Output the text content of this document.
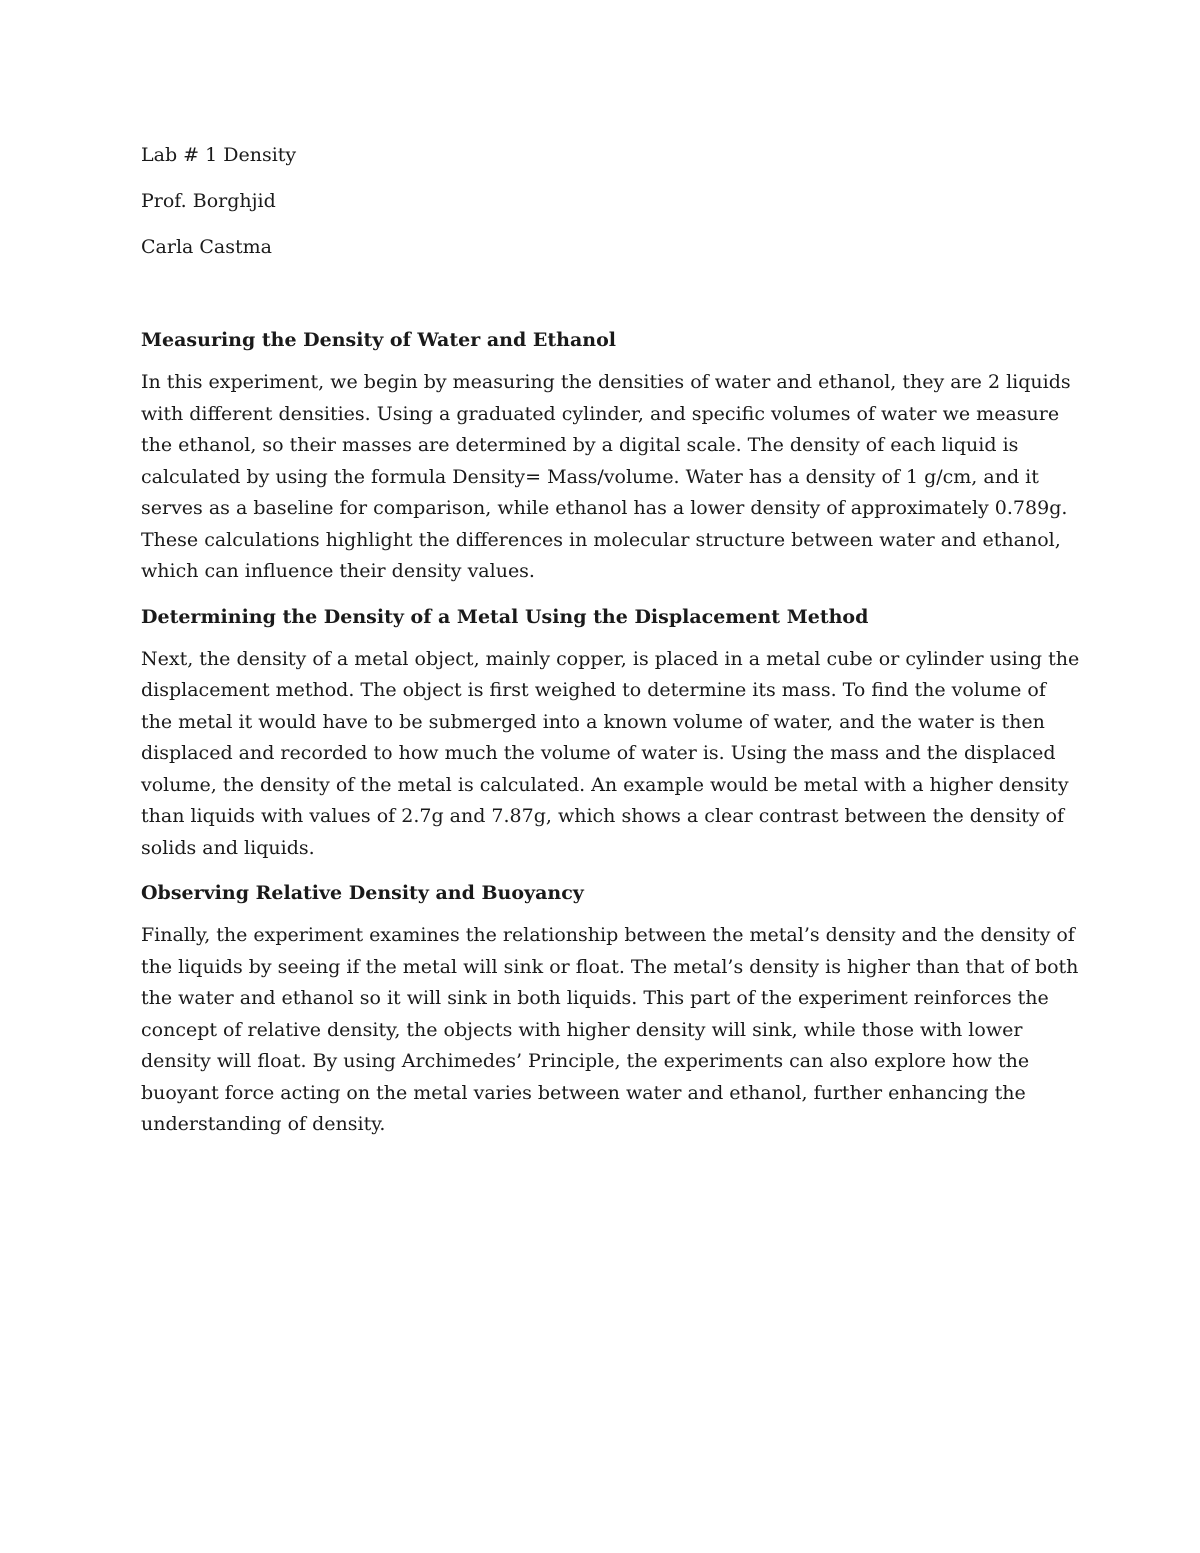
Lab # 1 Density
Prof. Borghjid
Carla Castma
Measuring the Density of Water and Ethanol
In this experiment, we begin by measuring the densities of water and ethanol, they are 2 liquids
with different densities. Using a graduated cylinder, and specific volumes of water we measure
the ethanol, so their masses are determined by a digital scale. The density of each liquid is
calculated by using the formula Density= Mass/volume. Water has a density of 1 g/cm, and it
serves as a baseline for comparison, while ethanol has a lower density of approximately 0.789g.
These calculations highlight the differences in molecular structure between water and ethanol,
which can influence their density values.
Determining the Density of a Metal Using the Displacement Method
Next, the density of a metal object, mainly copper, is placed in a metal cube or cylinder using the
displacement method. The object is first weighed to determine its mass. To find the volume of
the metal it would have to be submerged into a known volume of water, and the water is then
displaced and recorded to how much the volume of water is. Using the mass and the displaced
volume, the density of the metal is calculated. An example would be metal with a higher density
than liquids with values of 2.7g and 7.87g, which shows a clear contrast between the density of
solids and liquids.
Observing Relative Density and Buoyancy
Finally, the experiment examines the relationship between the metal’s density and the density of
the liquids by seeing if the metal will sink or float. The metal’s density is higher than that of both
the water and ethanol so it will sink in both liquids. This part of the experiment reinforces the
concept of relative density, the objects with higher density will sink, while those with lower
density will float. By using Archimedes’ Principle, the experiments can also explore how the
buoyant force acting on the metal varies between water and ethanol, further enhancing the
understanding of density.
